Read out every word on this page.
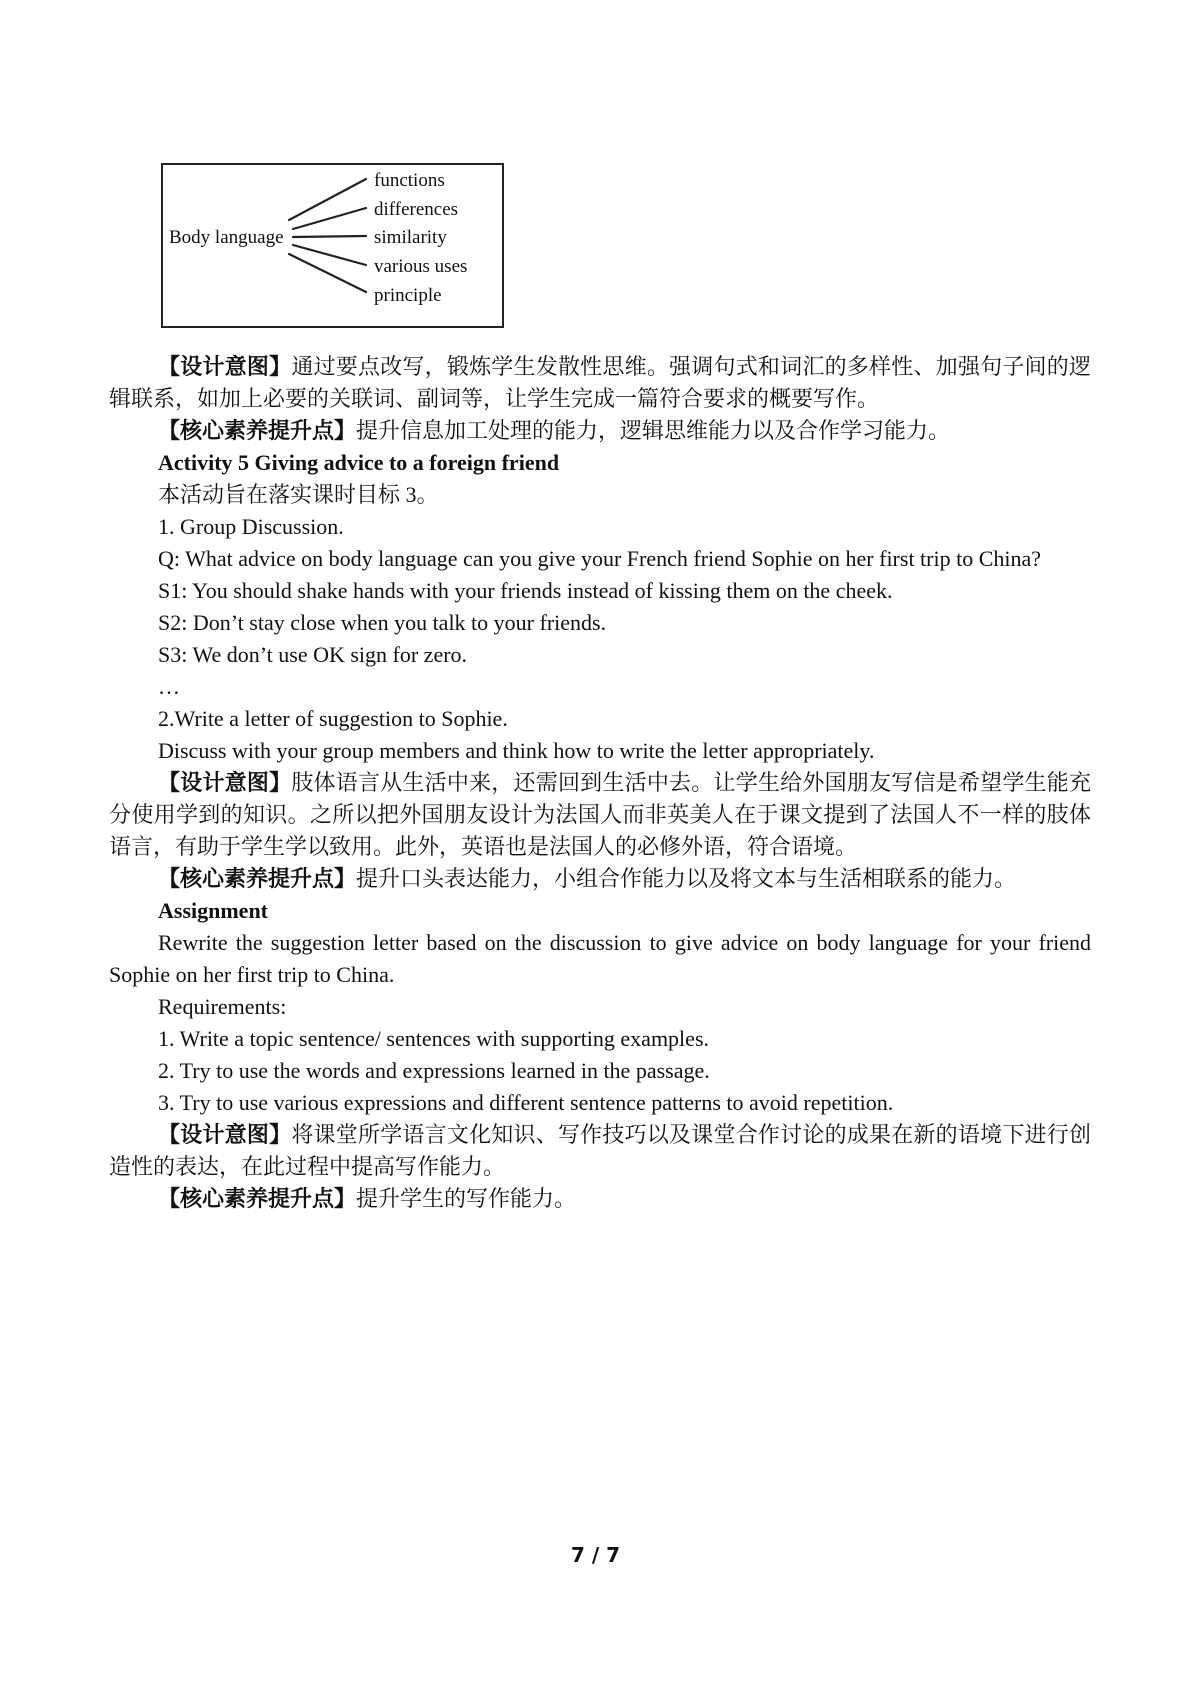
Body language
functions
differences
similarity
various uses
principle

【设计意图】通过要点改写，锻炼学生发散性思维。强调句式和词汇的多样性、加强句子间的逻辑联系，如加上必要的关联词、副词等，让学生完成一篇符合要求的概要写作。

【核心素养提升点】提升信息加工处理的能力，逻辑思维能力以及合作学习能力。

Activity 5 Giving advice to a foreign friend

本活动旨在落实课时目标 3。

1. Group Discussion.

Q: What advice on body language can you give your French friend Sophie on her first trip to China?

S1: You should shake hands with your friends instead of kissing them on the cheek.

S2: Don’t stay close when you talk to your friends.

S3: We don’t use OK sign for zero.

…

2.Write a letter of suggestion to Sophie.

Discuss with your group members and think how to write the letter appropriately.

【设计意图】肢体语言从生活中来，还需回到生活中去。让学生给外国朋友写信是希望学生能充分使用学到的知识。之所以把外国朋友设计为法国人而非英美人在于课文提到了法国人不一样的肢体语言，有助于学生学以致用。此外，英语也是法国人的必修外语，符合语境。

【核心素养提升点】提升口头表达能力，小组合作能力以及将文本与生活相联系的能力。

Assignment

Rewrite the suggestion letter based on the discussion to give advice on body language for your friend Sophie on her first trip to China.

Requirements:

1. Write a topic sentence/ sentences with supporting examples.

2. Try to use the words and expressions learned in the passage.

3. Try to use various expressions and different sentence patterns to avoid repetition.

【设计意图】将课堂所学语言文化知识、写作技巧以及课堂合作讨论的成果在新的语境下进行创造性的表达，在此过程中提高写作能力。

【核心素养提升点】提升学生的写作能力。

7 / 7
